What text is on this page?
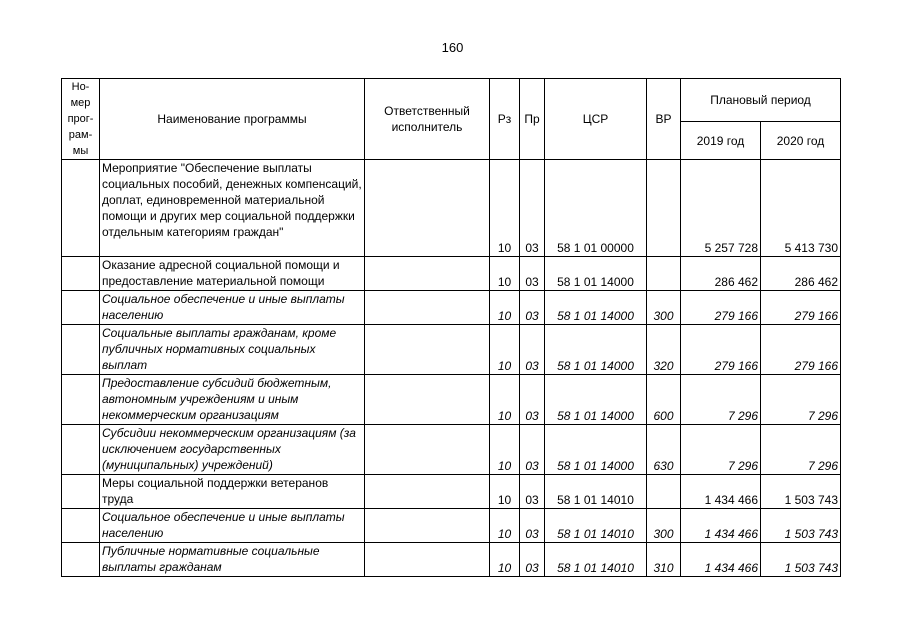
160
Но-мер прог-рам-мы	Наименование программы	Ответственный исполнитель	Рз	Пр	ЦСР	ВР	Плановый период	
							2019 год	2020 год
	Мероприятие "Обеспечение выплаты социальных пособий, денежных компенсаций, доплат, единовременной материальной помощи и других мер социальной поддержки отдельным категориям граждан"		10	03	58 1 01 00000		5 257 728	5 413 730
	Оказание адресной социальной помощи и предоставление материальной помощи		10	03	58 1 01 14000		286 462	286 462
	Социальное обеспечение и иные выплаты населению		10	03	58 1 01 14000	300	279 166	279 166
	Социальные выплаты гражданам, кроме публичных нормативных социальных выплат		10	03	58 1 01 14000	320	279 166	279 166
	Предоставление субсидий бюджетным, автономным учреждениям и иным некоммерческим организациям		10	03	58 1 01 14000	600	7 296	7 296
	Субсидии некоммерческим организациям (за исключением государственных (муниципальных) учреждений)		10	03	58 1 01 14000	630	7 296	7 296
	Меры социальной поддержки ветеранов труда		10	03	58 1 01 14010		1 434 466	1 503 743
	Социальное обеспечение и иные выплаты населению		10	03	58 1 01 14010	300	1 434 466	1 503 743
	Публичные нормативные социальные выплаты гражданам		10	03	58 1 01 14010	310	1 434 466	1 503 743
